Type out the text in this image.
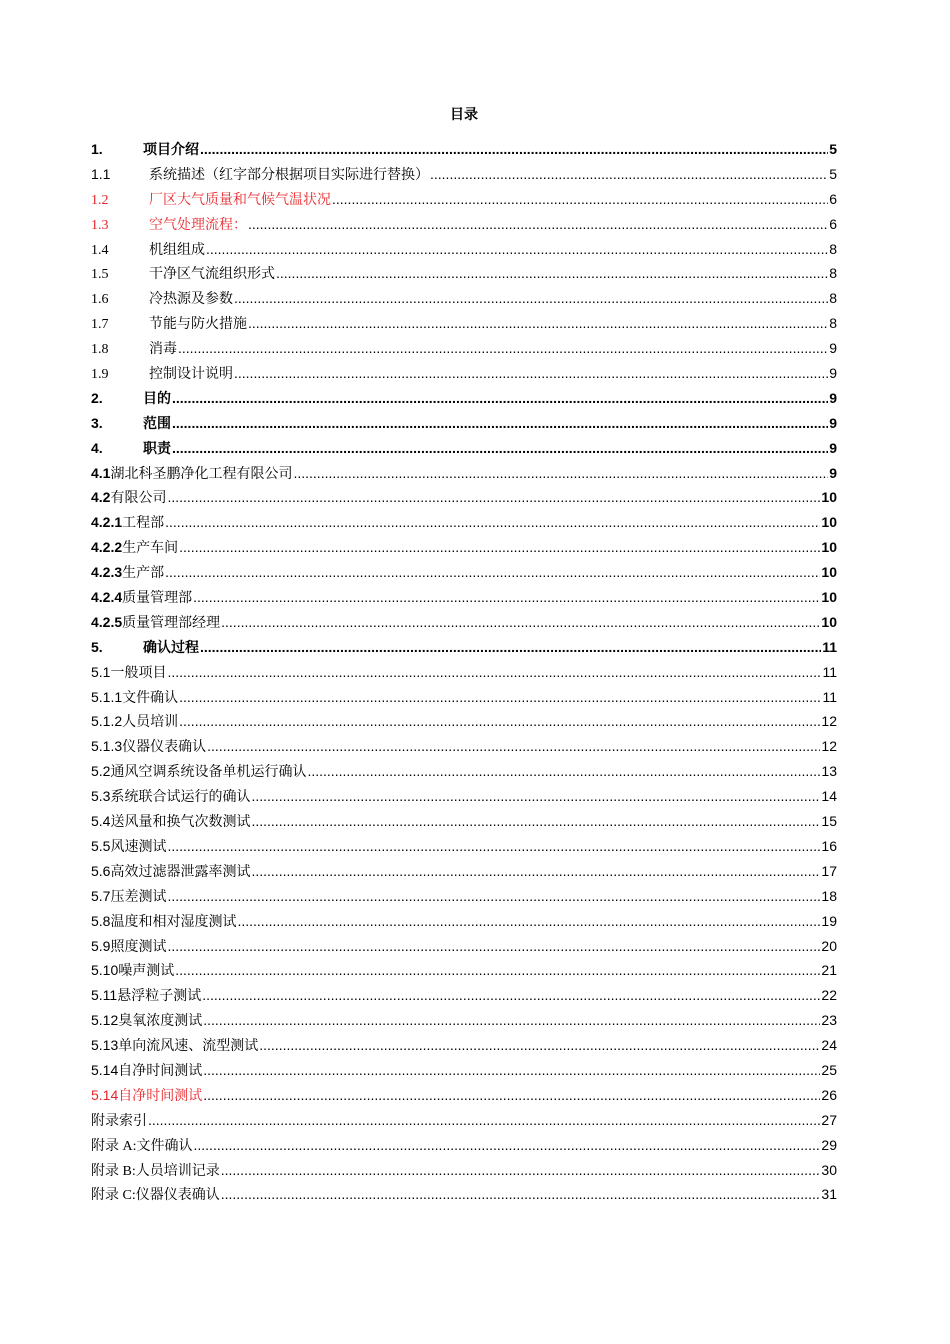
目录
1.	项目介绍 .....	5
1.1	系统描述（红字部分根据项目实际进行替换） .....	5
1.2	厂区大气质量和气候气温状况 .....	6
1.3	空气处理流程： .....	6
1.4	机组组成 .....	8
1.5	干净区气流组织形式 .....	8
1.6	冷热源及参数 .....	8
1.7	节能与防火措施 .....	8
1.8	消毒 .....	9
1.9	控制设计说明 .....	9
2.	目的 .....	9
3.	范围 .....	9
4.	职责 .....	9
4.1 湖北科圣鹏净化工程有限公司 .....	9
4.2 有限公司 .....	10
4.2.1 工程部 .....	10
4.2.2 生产车间 .....	10
4.2.3 生产部 .....	10
4.2.4 质量管理部 .....	10
4.2.5 质量管理部经理 .....	10
5.	确认过程 .....	11
5.1 一般项目 .....	11
5.1.1 文件确认 .....	11
5.1.2 人员培训 .....	12
5.1.3 仪器仪表确认 .....	12
5.2 通风空调系统设备单机运行确认 .....	13
5.3 系统联合试运行的确认 .....	14
5.4 送风量和换气次数测试 .....	15
5.5 风速测试 .....	16
5.6 高效过滤器泄露率测试 .....	17
5.7 压差测试 .....	18
5.8 温度和相对湿度测试 .....	19
5.9 照度测试 .....	20
5.10 噪声测试 .....	21
5.11 悬浮粒子测试 .....	22
5.12 臭氧浓度测试 .....	23
5.13 单向流风速、流型测试 .....	24
5.14 自净时间测试 .....	25
5.14 自净时间测试 .....	26
附录索引 .....	27
附录 A:文件确认 .....	29
附录 B:人员培训记录 .....	30
附录 C:仪器仪表确认 .....	31
